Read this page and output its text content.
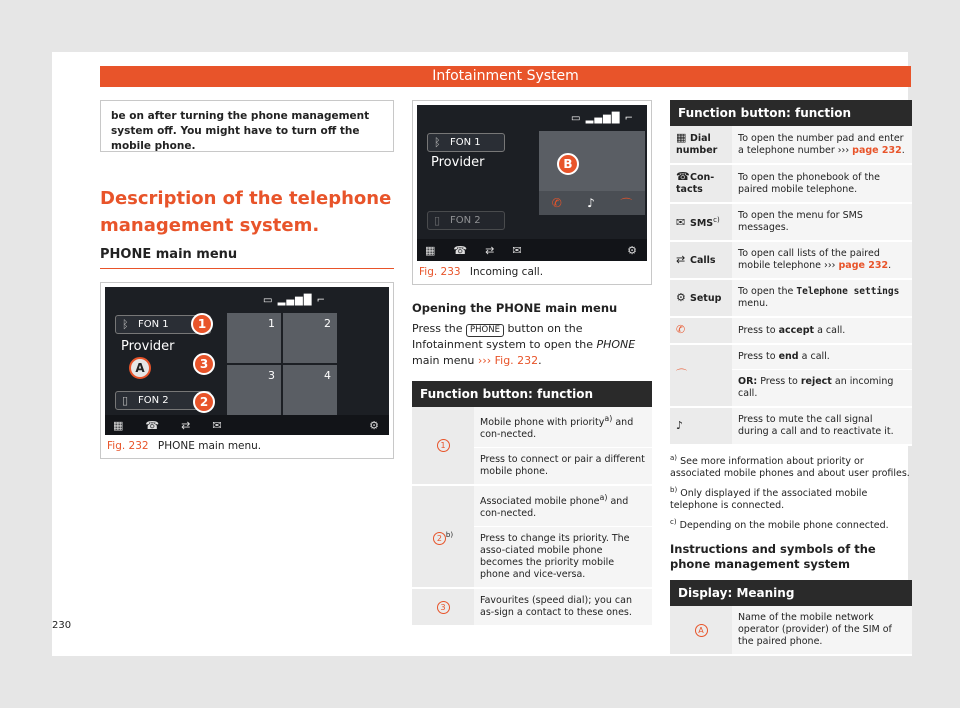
Infotainment System
be on after turning the phone management system off. You might have to turn off the mobile phone.
Description of the telephone management system.
PHONE main menu
▭ ▂▄▆█ ⌐
ᛒ FON 1
Provider
▯ FON 2
1	2
3	4
1
A	3
2
▦ ☎ ⇄ ✉	⚙
Fig. 232 PHONE main menu.
▭ ▂▄▆█ ⌐
ᛒ FON 1
Provider
▯ FON 2
✆ ♪ ⌒
B
▦ ☎ ⇄ ✉	⚙
Fig. 233 Incoming call.
Opening the PHONE main menu
Press the PHONE button on the Infotainment system to open the PHONE main menu ››› Fig. 232.
Function button: function
1	Mobile phone with priority$^{a)}$ and con-nected.
	Press to connect or pair a different mobile phone.
2 $^{b)}$	Associated mobile phone$^{a)}$ and con-nected.
	Press to change its priority. The asso-ciated mobile phone becomes the priority mobile phone and vice-versa.
3	Favourites (speed dial); you can as-sign a contact to these ones.
Function button: function
▦ Dial number	To open the number pad and enter a telephone number ››› page 232.
☎Con-tacts	To open the phonebook of the paired mobile telephone.
✉ SMS$^{c)}$	To open the menu for SMS messages.
⇄ Calls	To open call lists of the paired mobile telephone ››› page 232.
⚙ Setup	To open the Telephone settings menu.
✆	Press to accept a call.
⌒	Press to end a call.
	OR: Press to reject an incoming call.
♪	Press to mute the call signal during a call and to reactivate it.
$^{a)}$ See more information about priority or associated mobile phones and about user profiles.
$^{b)}$ Only displayed if the associated mobile telephone is connected.
$^{c)}$ Depending on the mobile phone connected.
Instructions and symbols of the phone management system
Display: Meaning
A	Name of the mobile network operator (provider) of the SIM of the paired phone.
230
